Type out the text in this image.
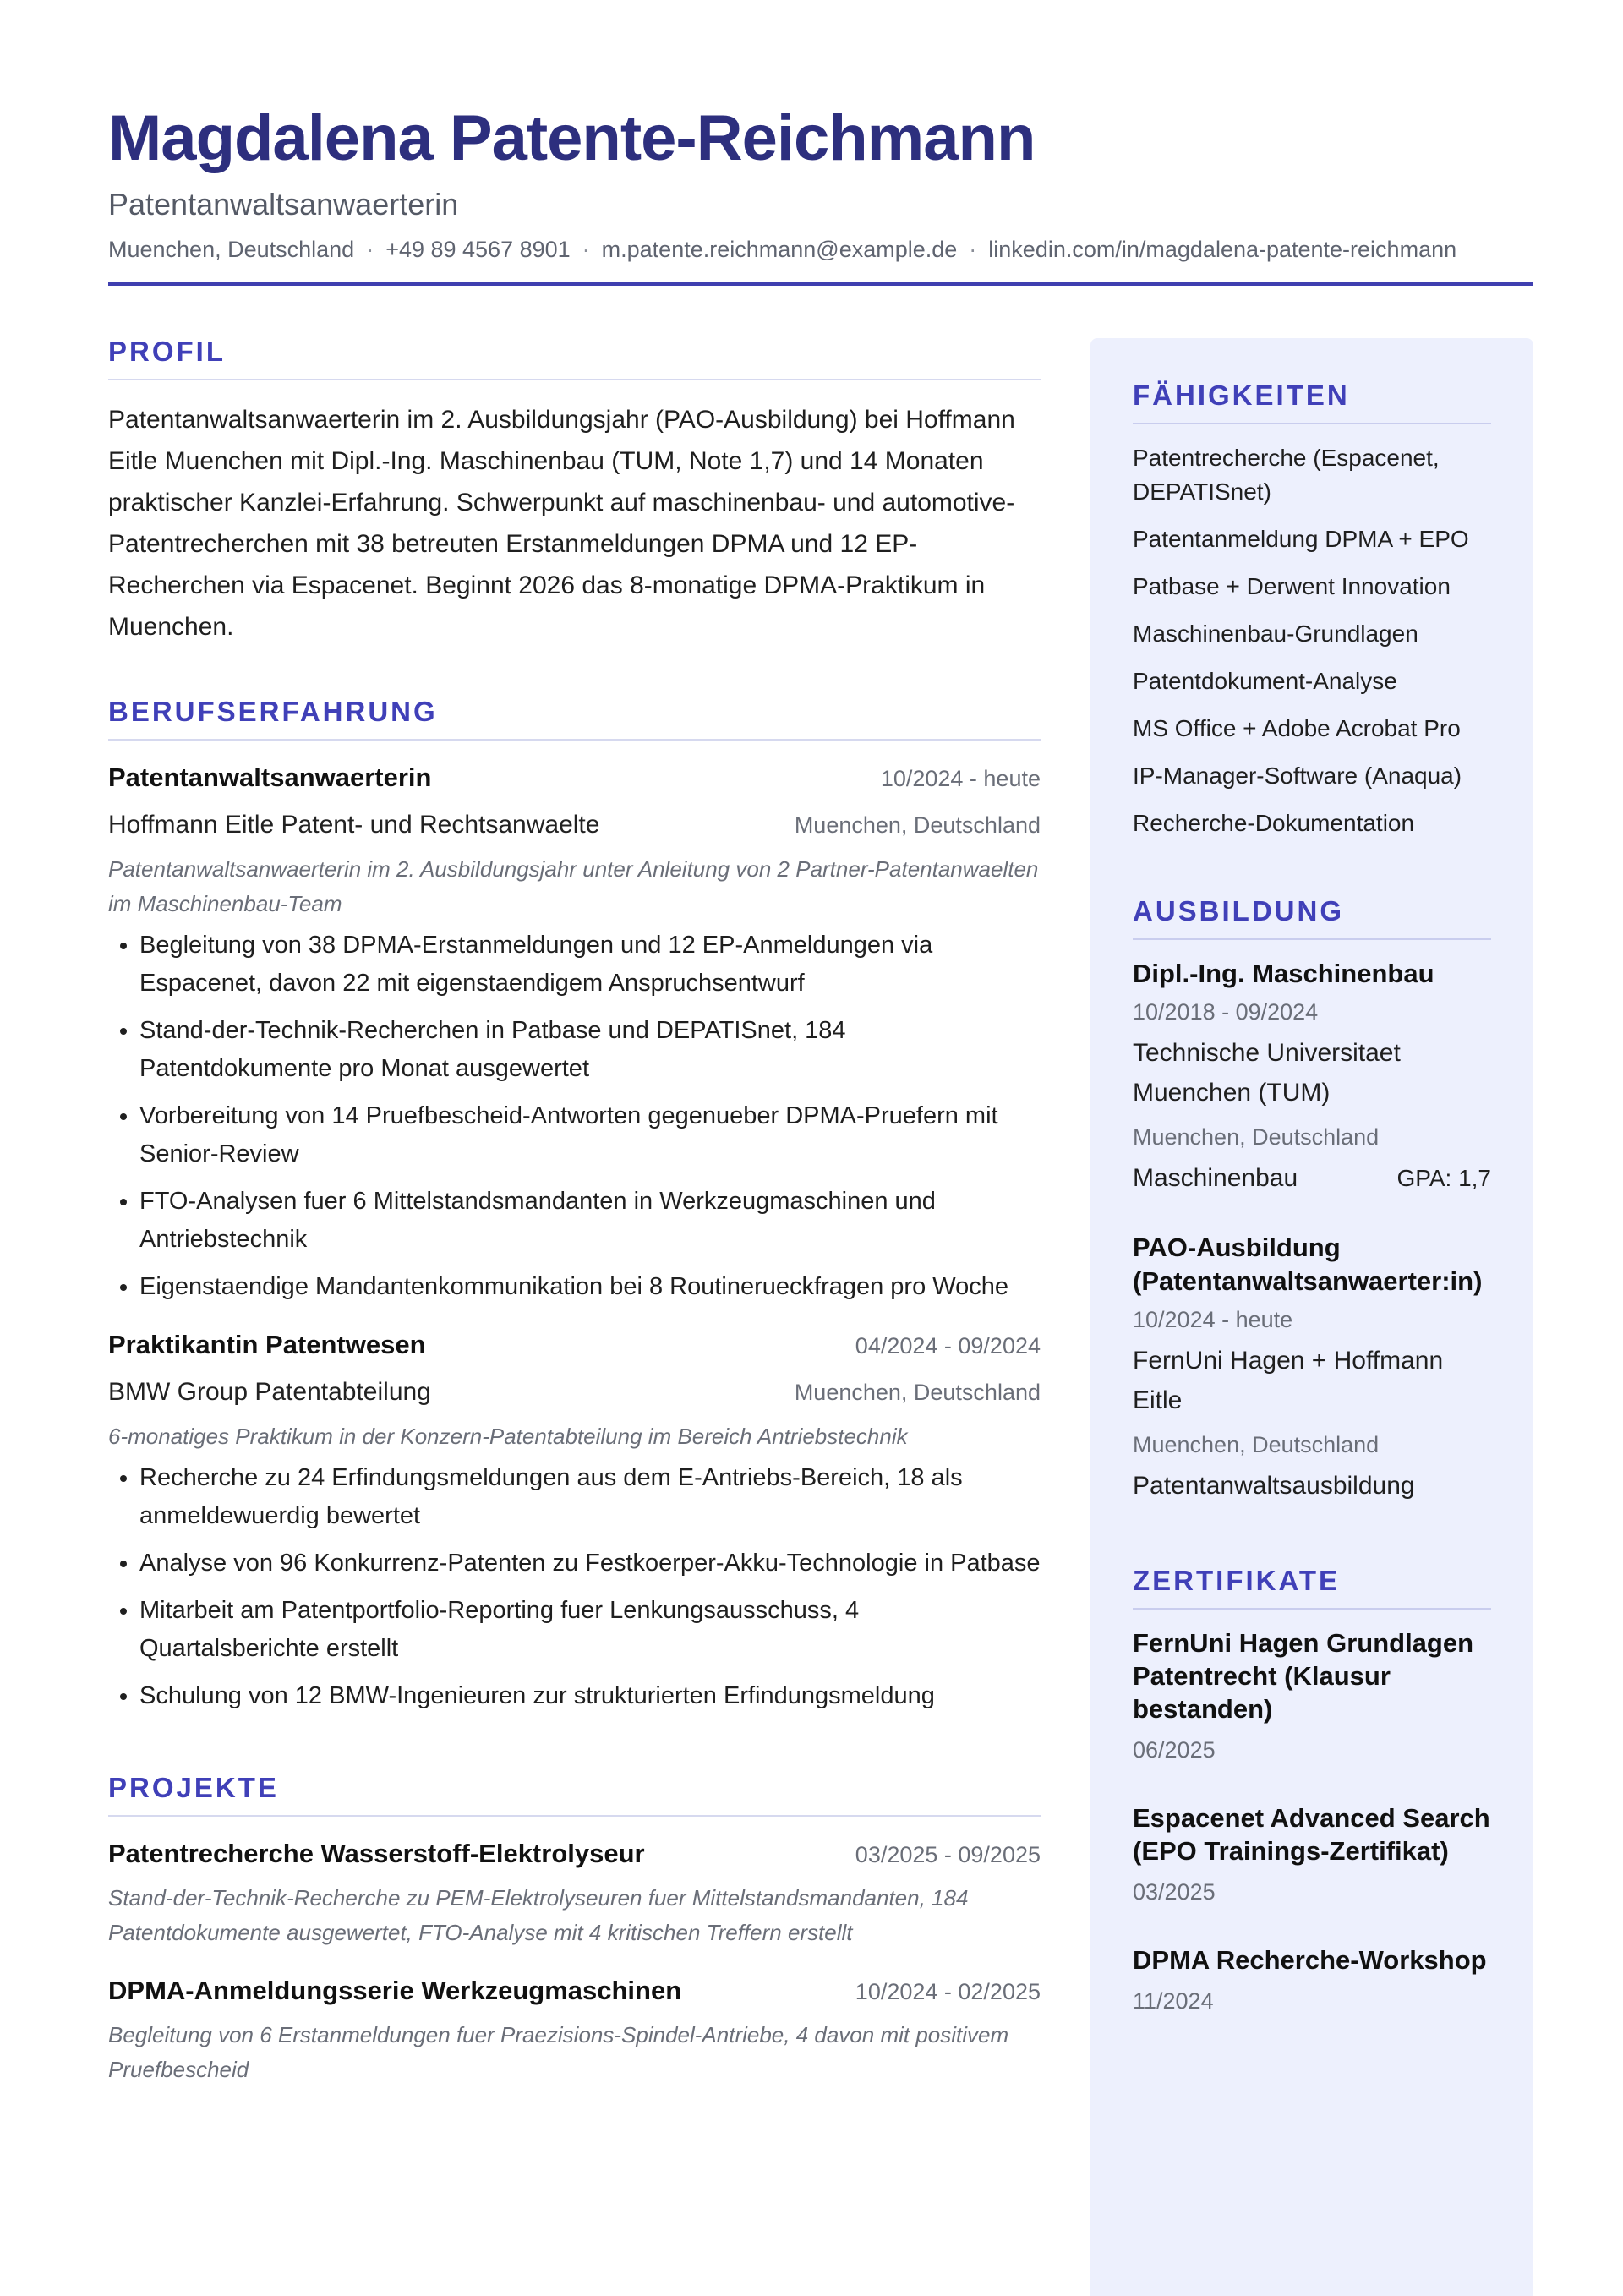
Magdalena Patente-Reichmann
Patentanwaltsanwaerterin
Muenchen, Deutschland · +49 89 4567 8901 · m.patente.reichmann@example.de · linkedin.com/in/magdalena-patente-reichmann
PROFIL
Patentanwaltsanwaerterin im 2. Ausbildungsjahr (PAO-Ausbildung) bei Hoffmann Eitle Muenchen mit Dipl.-Ing. Maschinenbau (TUM, Note 1,7) und 14 Monaten praktischer Kanzlei-Erfahrung. Schwerpunkt auf maschinenbau- und automotive-Patentrecherchen mit 38 betreuten Erstanmeldungen DPMA und 12 EP-Recherchen via Espacenet. Beginnt 2026 das 8-monatige DPMA-Praktikum in Muenchen.
BERUFSERFAHRUNG
Patentanwaltsanwaerterin	10/2024 - heute
Hoffmann Eitle Patent- und Rechtsanwaelte	Muenchen, Deutschland
Patentanwaltsanwaerterin im 2. Ausbildungsjahr unter Anleitung von 2 Partner-Patentanwaelten im Maschinenbau-Team
• Begleitung von 38 DPMA-Erstanmeldungen und 12 EP-Anmeldungen via Espacenet, davon 22 mit eigenstaendigem Anspruchsentwurf
• Stand-der-Technik-Recherchen in Patbase und DEPATISnet, 184 Patentdokumente pro Monat ausgewertet
• Vorbereitung von 14 Pruefbescheid-Antworten gegenueber DPMA-Pruefern mit Senior-Review
• FTO-Analysen fuer 6 Mittelstandsmandanten in Werkzeugmaschinen und Antriebstechnik
• Eigenstaendige Mandantenkommunikation bei 8 Routinerueckfragen pro Woche
Praktikantin Patentwesen	04/2024 - 09/2024
BMW Group Patentabteilung	Muenchen, Deutschland
6-monatiges Praktikum in der Konzern-Patentabteilung im Bereich Antriebstechnik
• Recherche zu 24 Erfindungsmeldungen aus dem E-Antriebs-Bereich, 18 als anmeldewuerdig bewertet
• Analyse von 96 Konkurrenz-Patenten zu Festkoerper-Akku-Technologie in Patbase
• Mitarbeit am Patentportfolio-Reporting fuer Lenkungsausschuss, 4 Quartalsberichte erstellt
• Schulung von 12 BMW-Ingenieuren zur strukturierten Erfindungsmeldung
PROJEKTE
Patentrecherche Wasserstoff-Elektrolyseur	03/2025 - 09/2025
Stand-der-Technik-Recherche zu PEM-Elektrolyseuren fuer Mittelstandsmandanten, 184 Patentdokumente ausgewertet, FTO-Analyse mit 4 kritischen Treffern erstellt
DPMA-Anmeldungsserie Werkzeugmaschinen	10/2024 - 02/2025
Begleitung von 6 Erstanmeldungen fuer Praezisions-Spindel-Antriebe, 4 davon mit positivem Pruefbescheid
FÄHIGKEITEN
Patentrecherche (Espacenet, DEPATISnet)
Patentanmeldung DPMA + EPO
Patbase + Derwent Innovation
Maschinenbau-Grundlagen
Patentdokument-Analyse
MS Office + Adobe Acrobat Pro
IP-Manager-Software (Anaqua)
Recherche-Dokumentation
AUSBILDUNG
Dipl.-Ing. Maschinenbau
10/2018 - 09/2024
Technische Universitaet Muenchen (TUM)
Muenchen, Deutschland
Maschinenbau	GPA: 1,7
PAO-Ausbildung (Patentanwaltsanwaerter:in)
10/2024 - heute
FernUni Hagen + Hoffmann Eitle
Muenchen, Deutschland
Patentanwaltsausbildung
ZERTIFIKATE
FernUni Hagen Grundlagen Patentrecht (Klausur bestanden)
06/2025
Espacenet Advanced Search (EPO Trainings-Zertifikat)
03/2025
DPMA Recherche-Workshop
11/2024
